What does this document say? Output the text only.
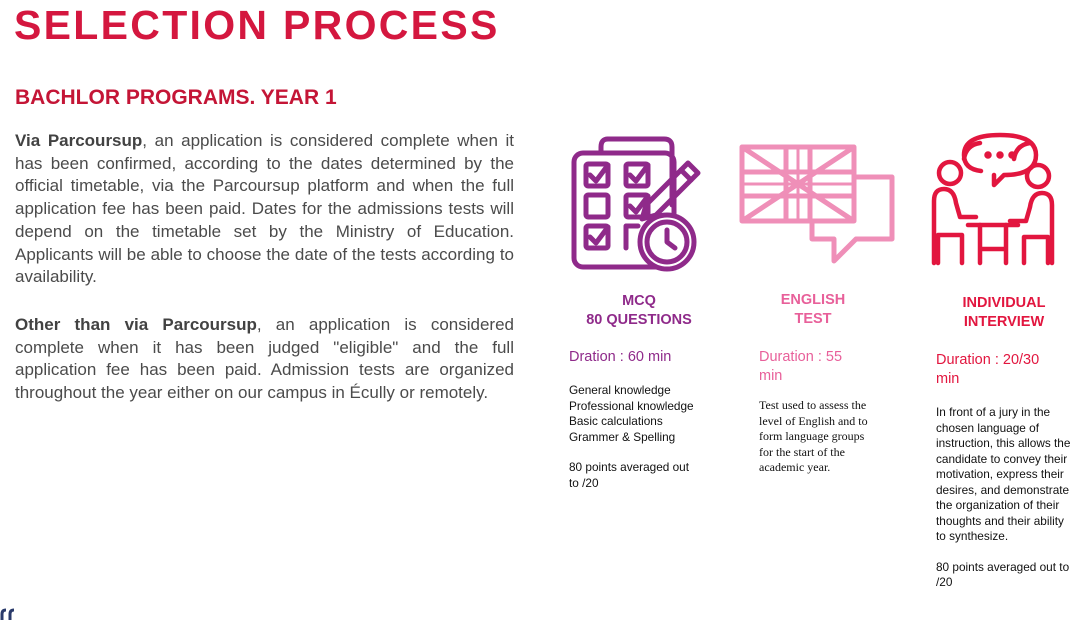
SELECTION PROCESS
BACHLOR PROGRAMS. YEAR 1

Via Parcoursup, an application is considered complete when it has been confirmed, according to the dates determined by the official timetable, via the Parcoursup platform and when the full application fee has been paid. Dates for the admissions tests will depend on the timetable set by the Ministry of Education. Applicants will be able to choose the date of the tests according to availability.

Other than via Parcoursup, an application is considered complete when it has been judged "eligible" and the full application fee has been paid. Admission tests are organized throughout the year either on our campus in Écully or remotely.

MCQ

80 QUESTIONS

Dration : 60 min

General knowledge

Professional knowledge

Basic calculations

Grammer & Spelling

80 points averaged out to /20

ENGLISH

TEST

Duration : 55 min

Test used to assess the level of English and to form language groups for the start of the academic year.

INDIVIDUAL

INTERVIEW

Duration : 20/30 min

In front of a jury in the chosen language of instruction, this allows the candidate to convey their motivation, express their desires, and demonstrate the organization of their thoughts and their ability to synthesize.

80 points averaged out to /20
